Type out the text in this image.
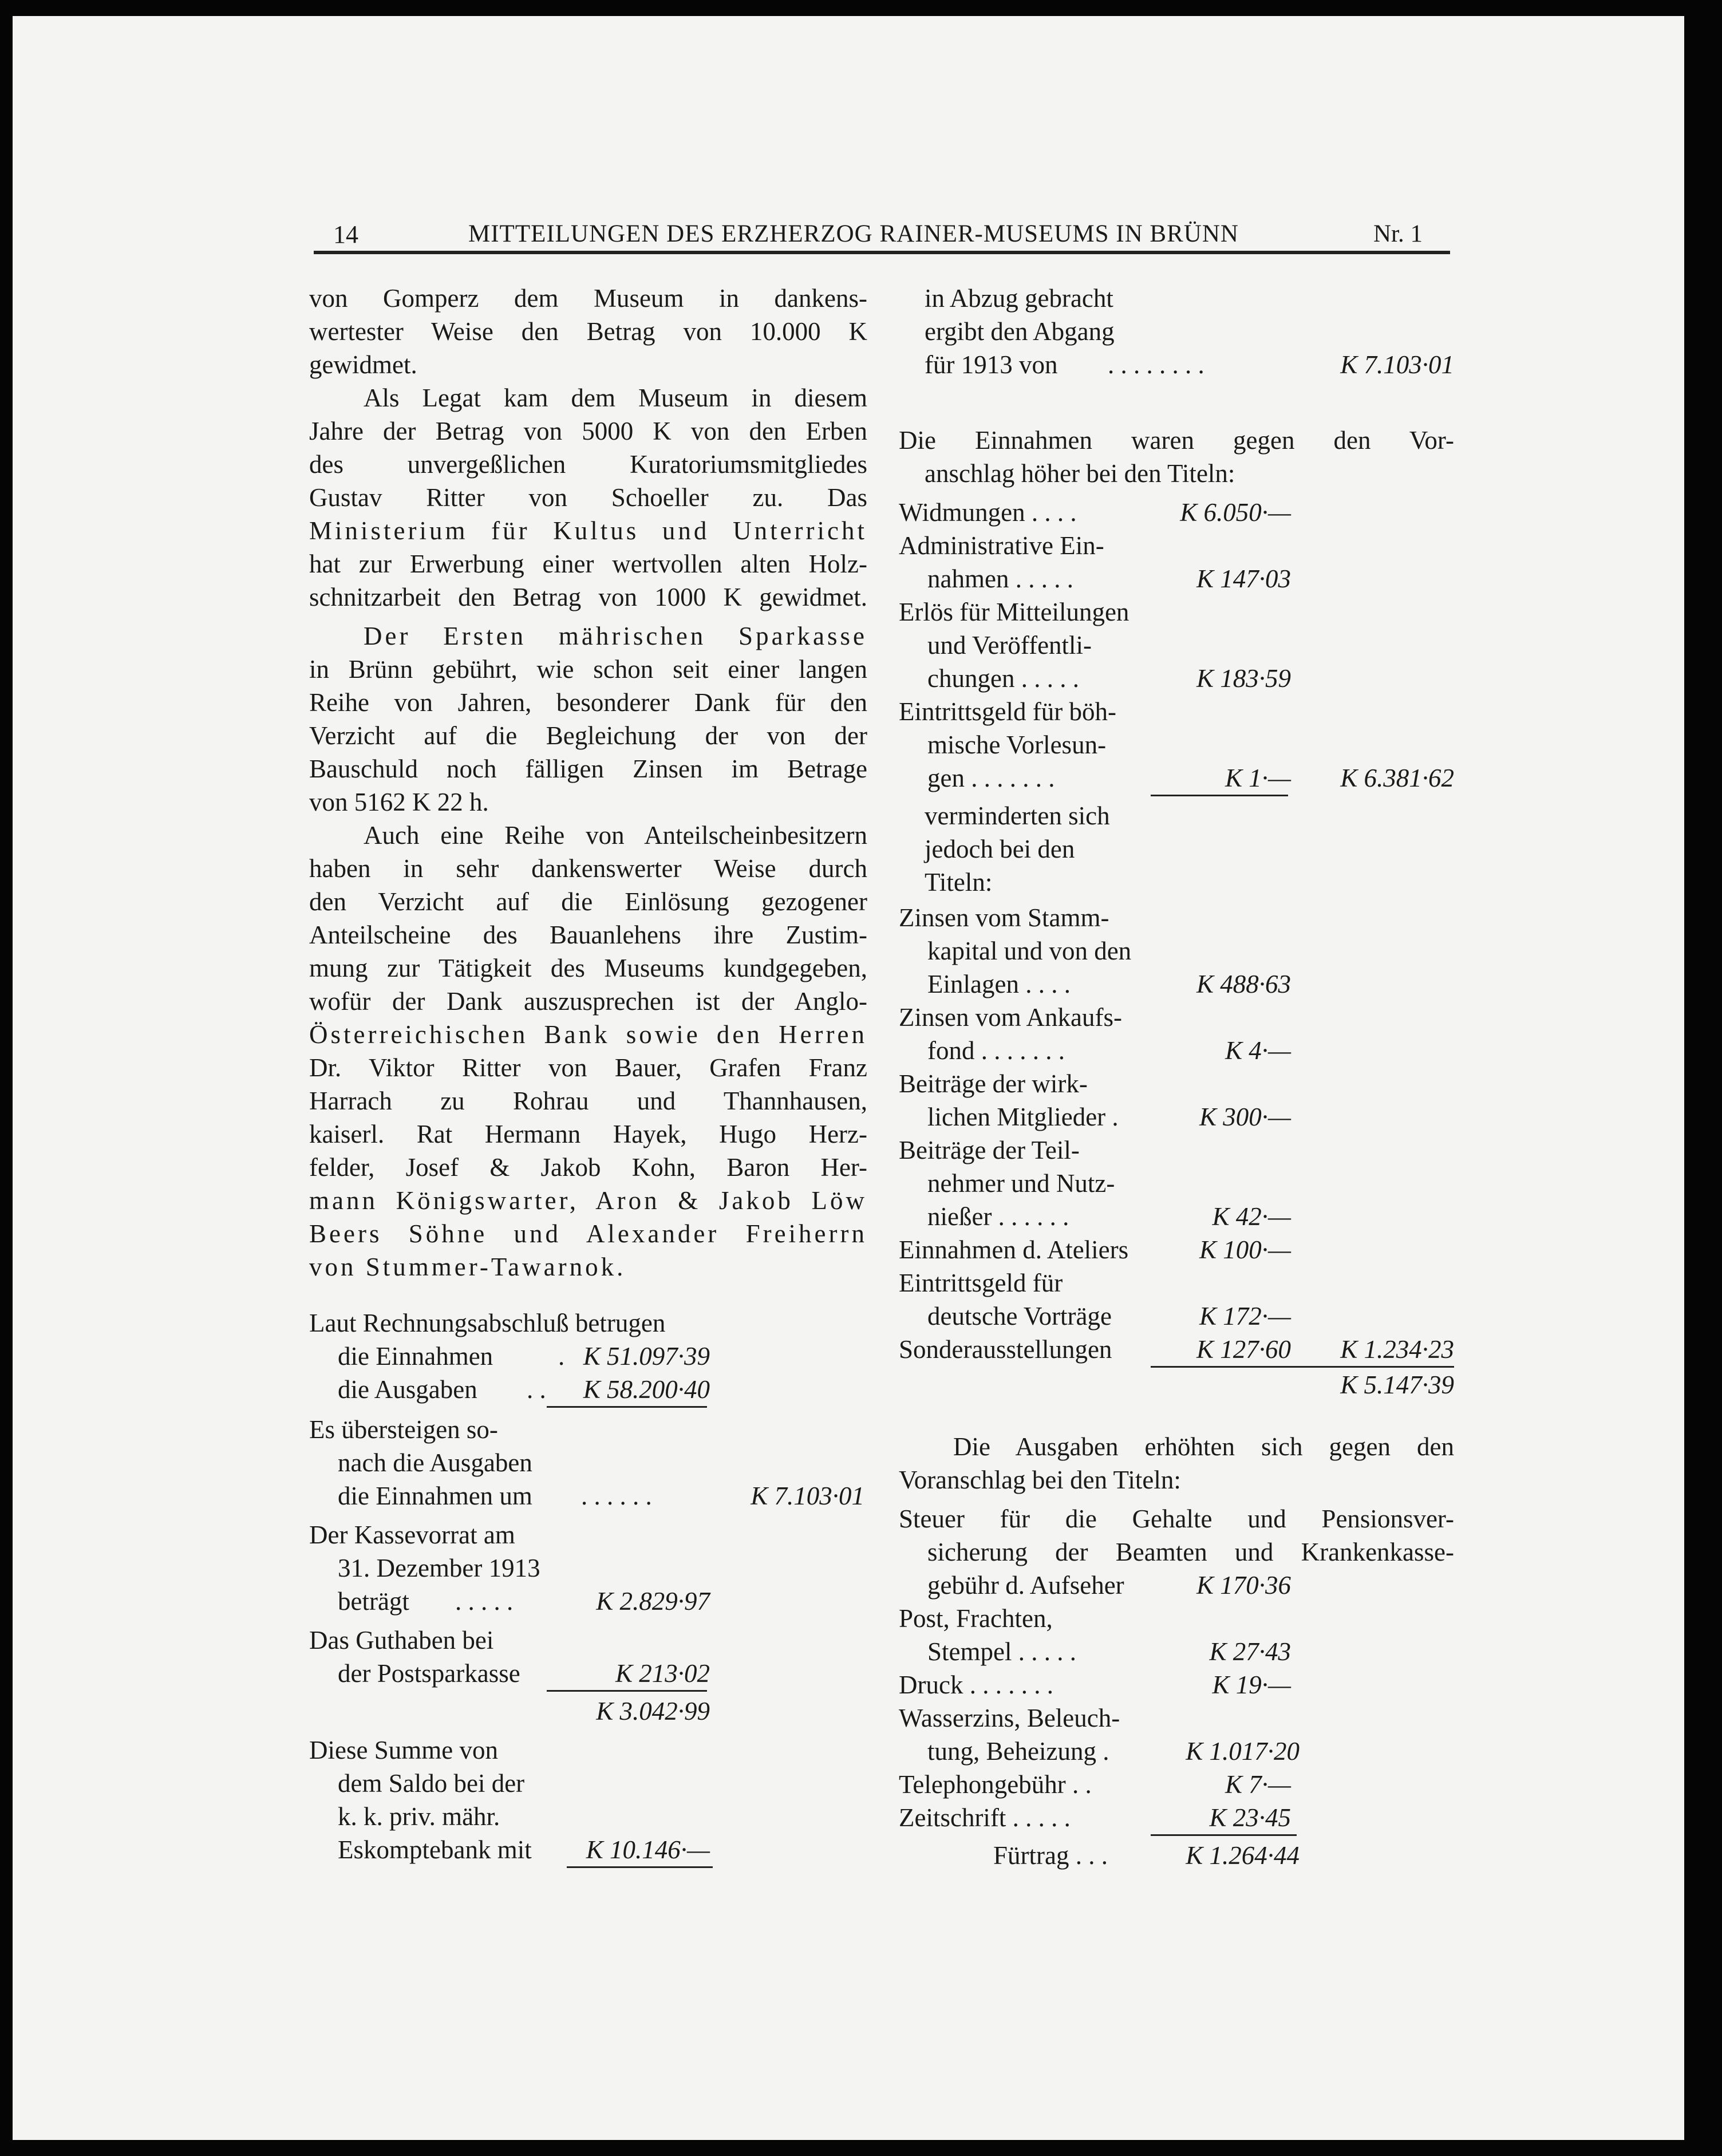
14	MITTEILUNGEN DES ERZHERZOG RAINER-MUSEUMS IN BRÜNN	Nr. 1
von Gomperz dem Museum in dankens-
wertester Weise den Betrag von 10.000 K
gewidmet.
Als Legat kam dem Museum in diesem
Jahre der Betrag von 5000 K von den Erben
des unvergeßlichen Kuratoriumsmitgliedes
Gustav Ritter von Schoeller zu. Das
Ministerium für Kultus und Unterricht
hat zur Erwerbung einer wertvollen alten Holz-
schnitzarbeit den Betrag von 1000 K gewidmet.
Der Ersten mährischen Sparkasse
in Brünn gebührt, wie schon seit einer langen
Reihe von Jahren, besonderer Dank für den
Verzicht auf die Begleichung der von der
Bauschuld noch fälligen Zinsen im Betrage
von 5162 K 22 h.
Auch eine Reihe von Anteilscheinbesitzern
haben in sehr dankenswerter Weise durch
den Verzicht auf die Einlösung gezogener
Anteilscheine des Bauanlehens ihre Zustim-
mung zur Tätigkeit des Museums kundgegeben,
wofür der Dank auszusprechen ist der Anglo-
Österreichischen Bank sowie den Herren
Dr. Viktor Ritter von Bauer, Grafen Franz
Harrach zu Rohrau und Thannhausen,
kaiserl. Rat Hermann Hayek, Hugo Herz-
felder, Josef & Jakob Kohn, Baron Her-
mann Königswarter, Aron & Jakob Löw
Beers Söhne und Alexander Freiherrn
von Stummer-Tawarnok.
Laut Rechnungsabschluß betrugen
die Einnahmen	. K 51.097·39
die Ausgaben . .	K 58.200·40
Es übersteigen so-
nach die Ausgaben
die Einnahmen um . . . . . .	K 7.103·01
Der Kassevorrat am
31. Dezember 1913
beträgt . . . . .	K 2.829·97
Das Guthaben bei
der Postsparkasse	K 213·02
K 3.042·99
Diese Summe von
dem Saldo bei der
k. k. priv. mähr.
Eskomptebank mit	K 10.146·—
in Abzug gebracht
ergibt den Abgang
für 1913 von . . . . . . . .	K 7.103·01
Die Einnahmen waren gegen den Vor-
anschlag höher bei den Titeln:
Widmungen . . . .	K 6.050·—
Administrative Ein-
nahmen . . . . .	K 147·03
Erlös für Mitteilungen
und Veröffentli-
chungen . . . . .	K 183·59
Eintrittsgeld für böh-
mische Vorlesun-
gen . . . . . . .	K 1·—	K 6.381·62
verminderten sich
jedoch bei den
Titeln:
Zinsen vom Stamm-
kapital und von den
Einlagen . . . .	K 488·63
Zinsen vom Ankaufs-
fond . . . . . . .	K 4·—
Beiträge der wirk-
lichen Mitglieder .	K 300·—
Beiträge der Teil-
nehmer und Nutz-
nießer . . . . . .	K 42·—
Einnahmen d. Ateliers	K 100·—
Eintrittsgeld für
deutsche Vorträge	K 172·—
Sonderausstellungen	K 127·60	K 1.234·23
K 5.147·39
Die Ausgaben erhöhten sich gegen den
Voranschlag bei den Titeln:
Steuer für die Gehalte und Pensionsver-
sicherung der Beamten und Krankenkasse-
gebühr d. Aufseher	K 170·36
Post, Frachten,
Stempel . . . . .	K 27·43
Druck . . . . . . .	K 19·—
Wasserzins, Beleuch-
tung, Beheizung .	K 1.017·20
Telephongebühr . .	K 7·—
Zeitschrift . . . . .	K 23·45
Fürtrag . . .	K 1.264·44
